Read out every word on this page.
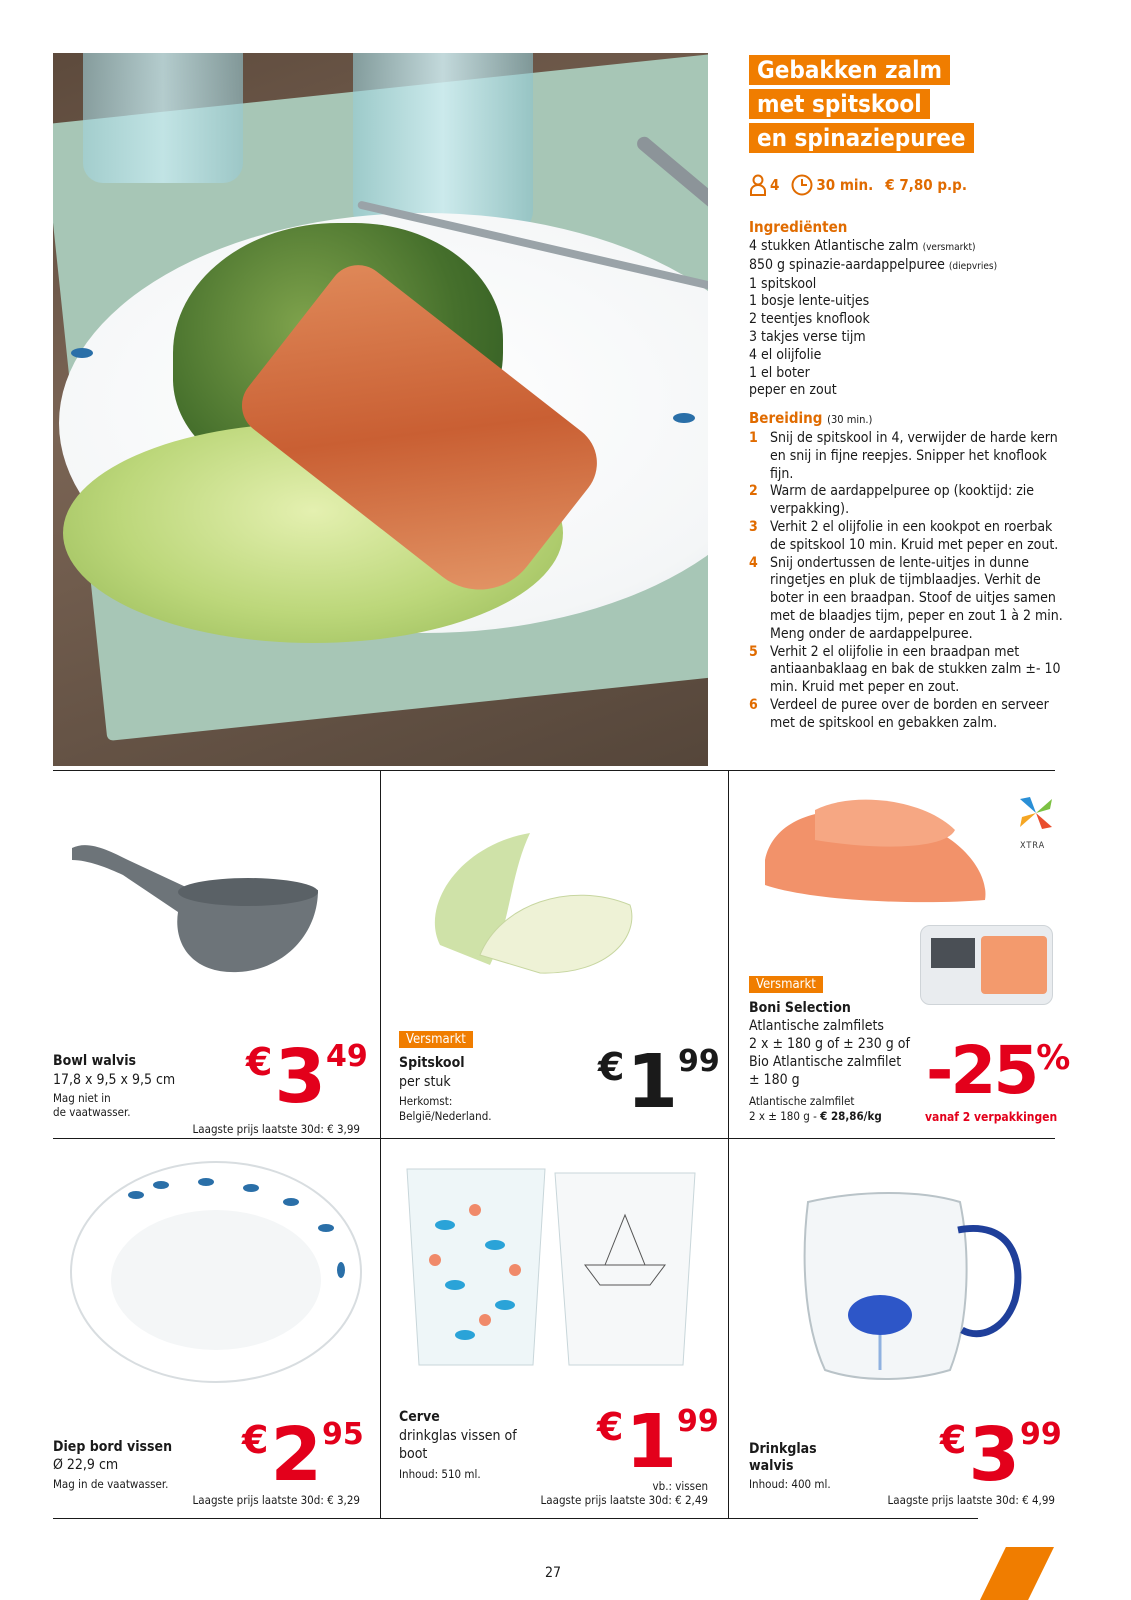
Gebakken zalm
met spitskool
en spinaziepuree
4 30 min. € 7,80 p.p.
Ingrediënten
4 stukken Atlantische zalm (versmarkt)
850 g spinazie-aardappelpuree (diepvries)
1 spitskool
1 bosje lente-uitjes
2 teentjes knoflook
3 takjes verse tijm
4 el olijfolie
1 el boter
peper en zout
Bereiding (30 min.)
1 Snij de spitskool in 4, verwijder de harde kern en snij in fijne reepjes. Snipper het knoflook fijn.
2 Warm de aardappelpuree op (kooktijd: zie verpakking).
3 Verhit 2 el olijfolie in een kookpot en roerbak de spitskool 10 min. Kruid met peper en zout.
4 Snij ondertussen de lente-uitjes in dunne ringetjes en pluk de tijmblaadjes. Verhit de boter in een braadpan. Stoof de uitjes samen met de blaadjes tijm, peper en zout 1 à 2 min. Meng onder de aardappelpuree.
5 Verhit 2 el olijfolie in een braadpan met antiaanbaklaag en bak de stukken zalm ±- 10 min. Kruid met peper en zout.
6 Verdeel de puree over de borden en serveer met de spitskool en gebakken zalm.
Bowl walvis
17,8 x 9,5 x 9,5 cm
Mag niet in
de vaatwasser.
€ 3 49
Laagste prijs laatste 30d: € 3,99
Versmarkt
Spitskool
per stuk
Herkomst:
België/Nederland.
€ 1 99
XTRA
Versmarkt
Boni Selection
Atlantische zalmfilets
2 x ± 180 g of ± 230 g of
Bio Atlantische zalmfilet
± 180 g
Atlantische zalmfilet
2 x ± 180 g - € 28,86/kg
-25%
vanaf 2 verpakkingen
Diep bord vissen
Ø 22,9 cm
Mag in de vaatwasser.
€ 2 95
Laagste prijs laatste 30d: € 3,29
Cerve
drinkglas vissen of
boot
Inhoud: 510 ml.
€ 1 99
vb.: vissen
Laagste prijs laatste 30d: € 2,49
Drinkglas
walvis
Inhoud: 400 ml.
€ 3 99
Laagste prijs laatste 30d: € 4,99
27
